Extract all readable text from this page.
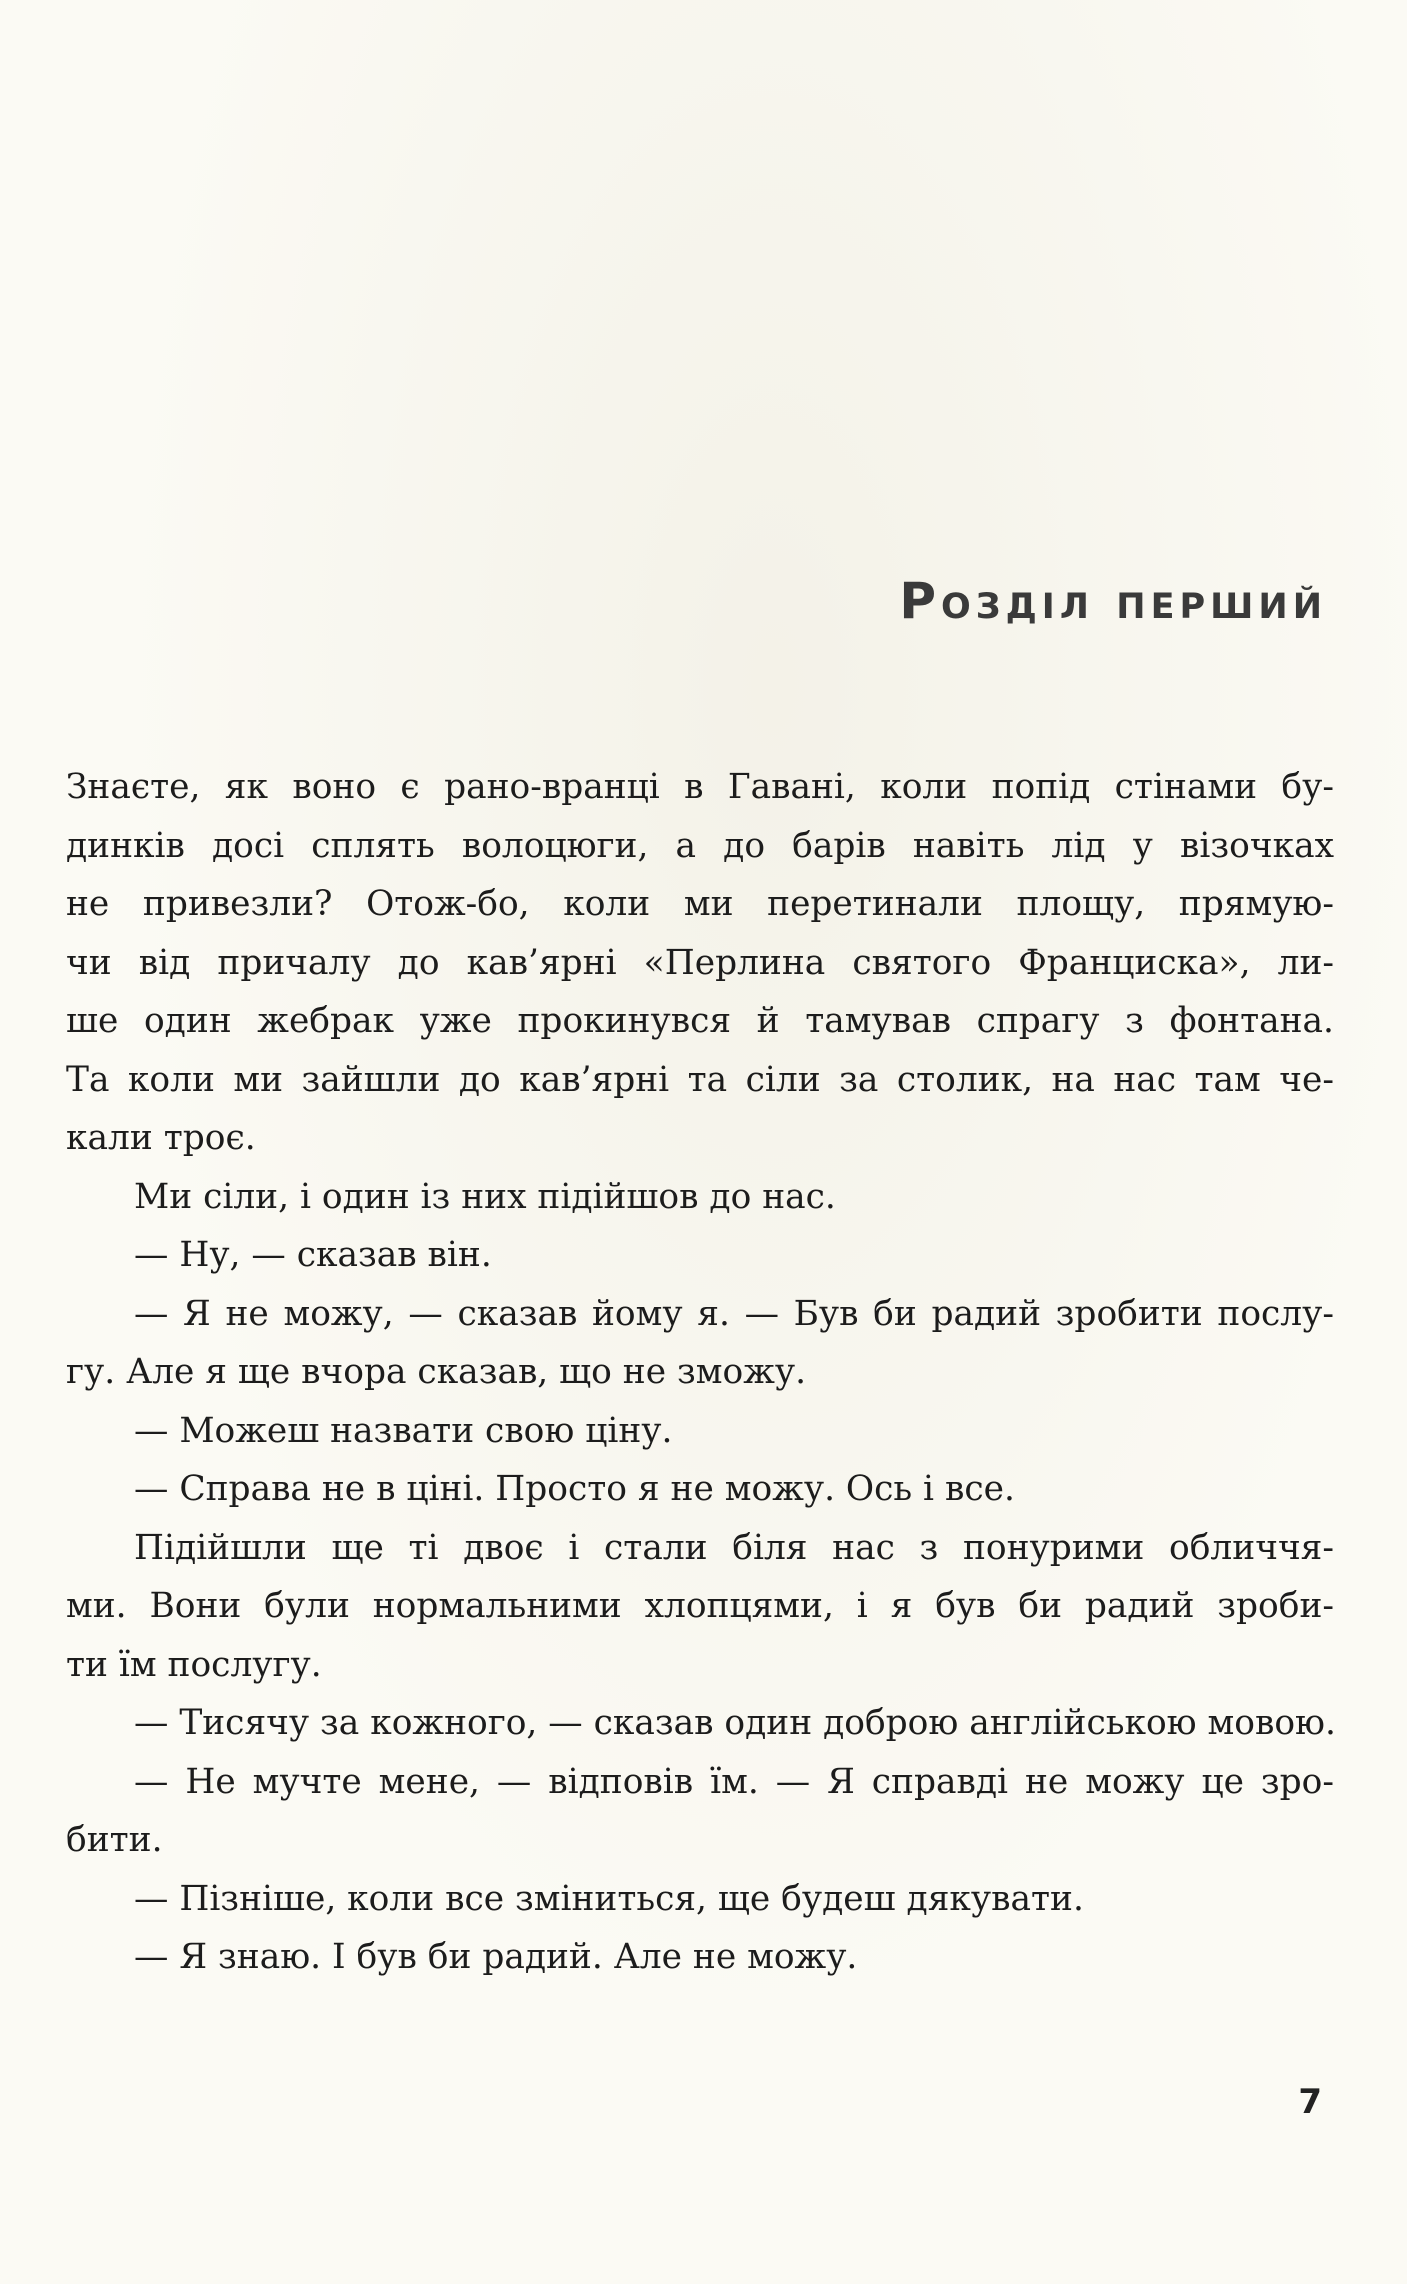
Розділ перший
Знаєте, як воно є рано-вранці в Гавані, коли попід стінами бу-
динків досі сплять волоцюги, а до барів навіть лід у візочках
не привезли? Отож-бо, коли ми перетинали площу, прямую-
чи від причалу до кав’ярні «Перлина святого Франциска», ли-
ше один жебрак уже прокинувся й тамував спрагу з фонтана.
Та коли ми зайшли до кав’ярні та сіли за столик, на нас там че-
кали троє.
Ми сіли, і один із них підійшов до нас.
— Ну, — сказав він.
— Я не можу, — сказав йому я. — Був би радий зробити послу-
гу. Але я ще вчора сказав, що не зможу.
— Можеш назвати свою ціну.
— Справа не в ціні. Просто я не можу. Ось і все.
Підійшли ще ті двоє і стали біля нас з понурими обличчя-
ми. Вони були нормальними хлопцями, і я був би радий зроби-
ти їм послугу.
— Тисячу за кожного, — сказав один доброю англійською мовою.
— Не мучте мене, — відповів їм. — Я справді не можу це зро-
бити.
— Пізніше, коли все зміниться, ще будеш дякувати.
— Я знаю. І був би радий. Але не можу.
7
